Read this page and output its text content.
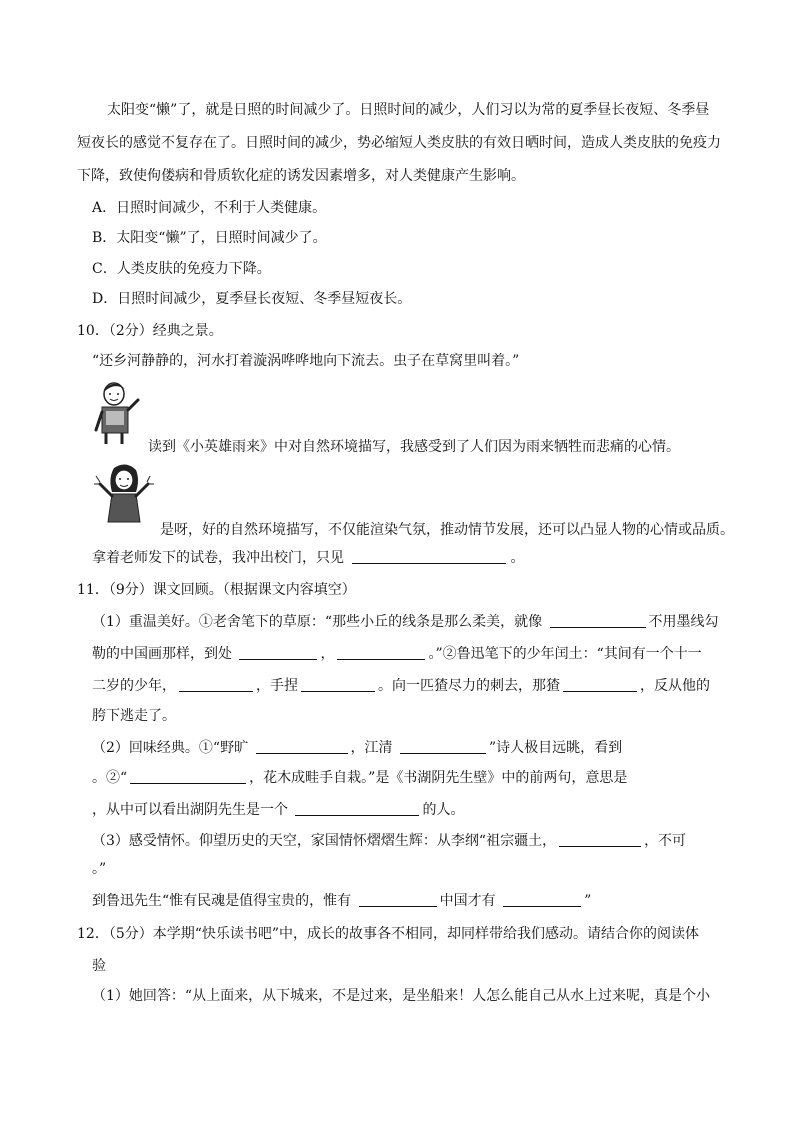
太阳变“懒”了，就是日照的时间减少了。日照时间的减少，人们习以为常的夏季昼长夜短、冬季昼
短夜长的感觉不复存在了。日照时间的减少，势必缩短人类皮肤的有效日晒时间，造成人类皮肤的免疫力
下降，致使佝偻病和骨质软化症的诱发因素增多，对人类健康产生影响。
A．日照时间减少，不利于人类健康。
B．太阳变“懒”了，日照时间减少了。
C．人类皮肤的免疫力下降。
D．日照时间减少，夏季昼长夜短、冬季昼短夜长。
10．（2分）经典之景。
“还乡河静静的，河水打着漩涡哗哗地向下流去。虫子在草窝里叫着。”
读到《小英雄雨来》中对自然环境描写，我感受到了人们因为雨来牺牲而悲痛的心情。
是呀，好的自然环境描写，不仅能渲染气氛，推动情节发展，还可以凸显人物的心情或品质。
拿着老师发下的试卷，我冲出校门，只见	。
11．（9分）课文回顾。（根据课文内容填空）
（1）重温美好。①老舍笔下的草原：“那些小丘的线条是那么柔美，就像	不用墨线勾
勒的中国画那样，到处	，	。”②鲁迅笔下的少年闰土：“其间有一个十一
二岁的少年，	，手捏	。向一匹猹尽力的刺去，那猹	，反从他的
胯下逃走了。
（2）回味经典。①“野旷	，江清	”诗人极目远眺，看到
。②“	，花木成畦手自栽。”是《书湖阴先生壁》中的前两句，意思是
，从中可以看出湖阴先生是一个	的人。
（3）感受情怀。仰望历史的天空，家国情怀熠熠生辉：从李纲“祖宗疆土，	，不可
。”
到鲁迅先生“惟有民魂是值得宝贵的，惟有	中国才有	”
12．（5分）本学期“快乐读书吧”中，成长的故事各不相同，却同样带给我们感动。请结合你的阅读体
验
（1）她回答：“从上面来，从下城来，不是过来，是坐船来！人怎么能自己从水上过来呢，真是个小
